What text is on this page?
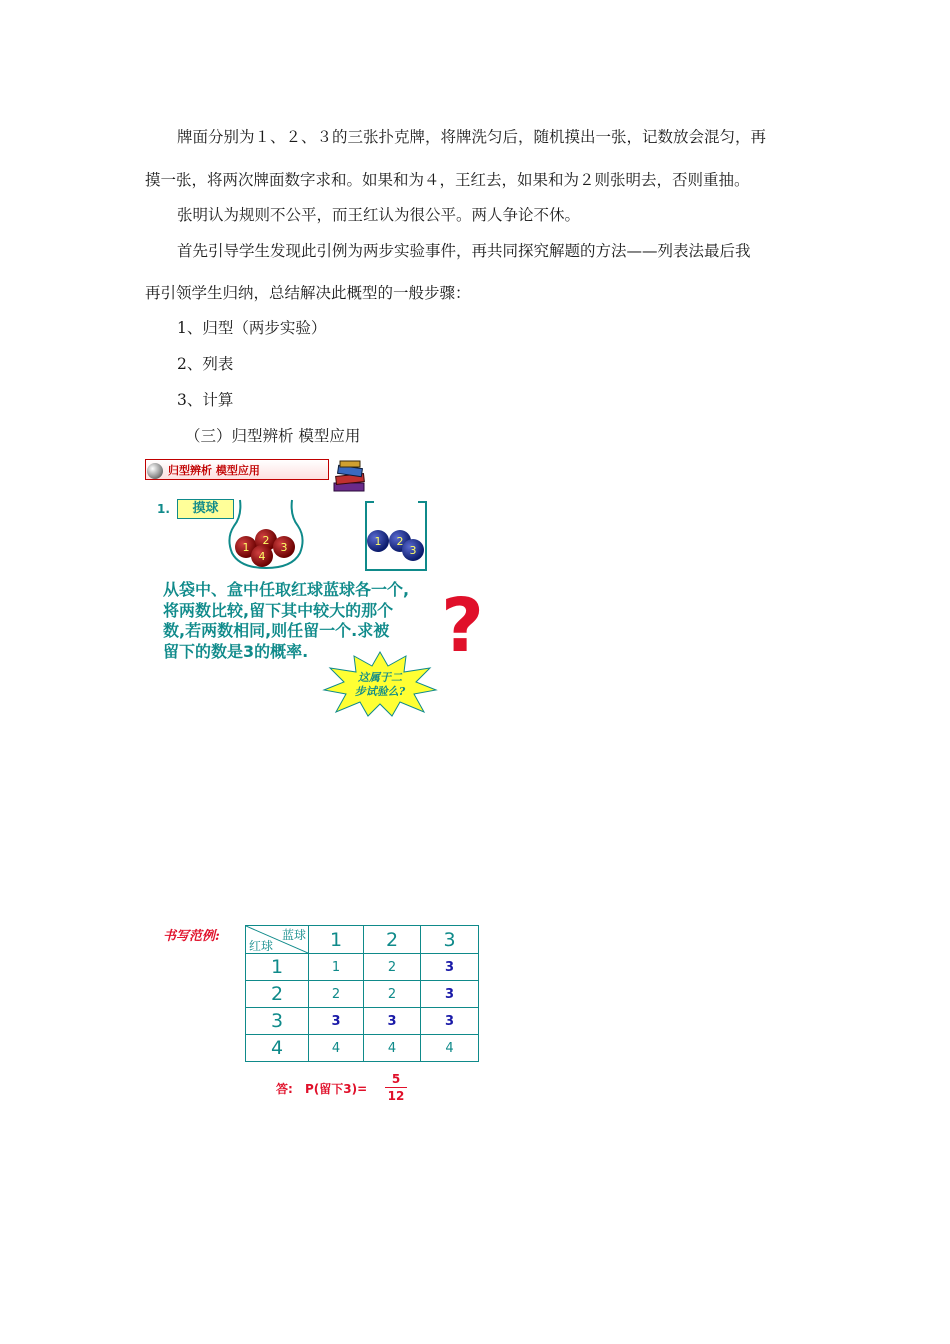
牌面分别为１、２、３的三张扑克牌，将牌洗匀后，随机摸出一张，记数放会混匀，再
摸一张，将两次牌面数字求和。如果和为４，王红去，如果和为２则张明去，否则重抽。
张明认为规则不公平，而王红认为很公平。两人争论不休。
首先引导学生发现此引例为两步实验事件，再共同探究解题的方法——列表法最后我
再引领学生归纳，总结解决此概型的一般步骤：
1、归型（两步实验）
2、列表
3、计算
（三）归型辨析 模型应用
归型辨析 模型应用
1.	摸球
1
2
4
3	1 2
3
从袋中、盒中任取红球蓝球各一个,
将两数比较,留下其中较大的那个
数,若两数相同,则任留一个.求被
留下的数是3的概率.	?
这属于二
步试验么?
书写范例:	蓝球
红球	1	2	3
1	1	2	3
2	2	2	3
3	3	3	3
4	4	4	4
答: P(留下3)=
5
12
